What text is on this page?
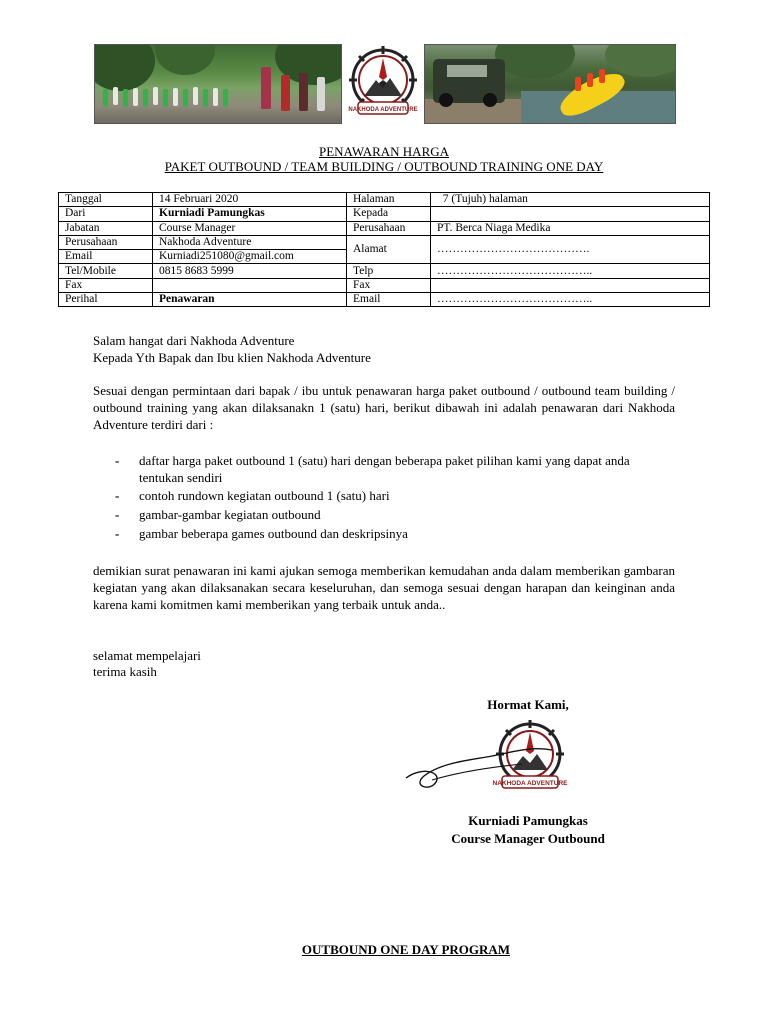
NAKHODA ADVENTURE
PENAWARAN HARGA
PAKET OUTBOUND / TEAM BUILDING / OUTBOUND TRAINING ONE DAY
Tanggal	14 Februari 2020	Halaman	7 (Tujuh) halaman
Dari	Kurniadi Pamungkas	Kepada	
Jabatan	Course Manager	Perusahaan	PT. Berca Niaga Medika
Perusahaan	Nakhoda Adventure	Alamat	………………………………….
Email	Kurniadi251080@gmail.com		
Tel/Mobile	0815 8683 5999	Telp	…………………………………..
Fax		Fax	
Perihal	Penawaran	Email	…………………………………..
Salam hangat dari Nakhoda Adventure
Kepada Yth Bapak dan Ibu klien Nakhoda Adventure
Sesuai dengan permintaan dari bapak / ibu untuk penawaran harga paket outbound / outbound team building / outbound training yang akan dilaksanakn 1 (satu) hari, berikut dibawah ini adalah penawaran dari Nakhoda Adventure terdiri dari :
-	daftar harga paket outbound 1 (satu) hari dengan beberapa paket pilihan kami yang dapat anda tentukan sendiri
-	contoh rundown kegiatan outbound 1 (satu) hari
-	gambar-gambar kegiatan outbound
-	gambar beberapa games outbound dan deskripsinya
demikian surat penawaran ini kami ajukan semoga memberikan kemudahan anda dalam memberikan gambaran kegiatan yang akan dilaksanakan secara keseluruhan, dan semoga sesuai dengan harapan dan keinginan anda karena kami komitmen kami memberikan yang terbaik untuk anda..
selamat mempelajari
terima kasih
Hormat Kami,
NAKHODA ADVENTURE
Kurniadi Pamungkas
Course Manager Outbound
OUTBOUND ONE DAY PROGRAM
